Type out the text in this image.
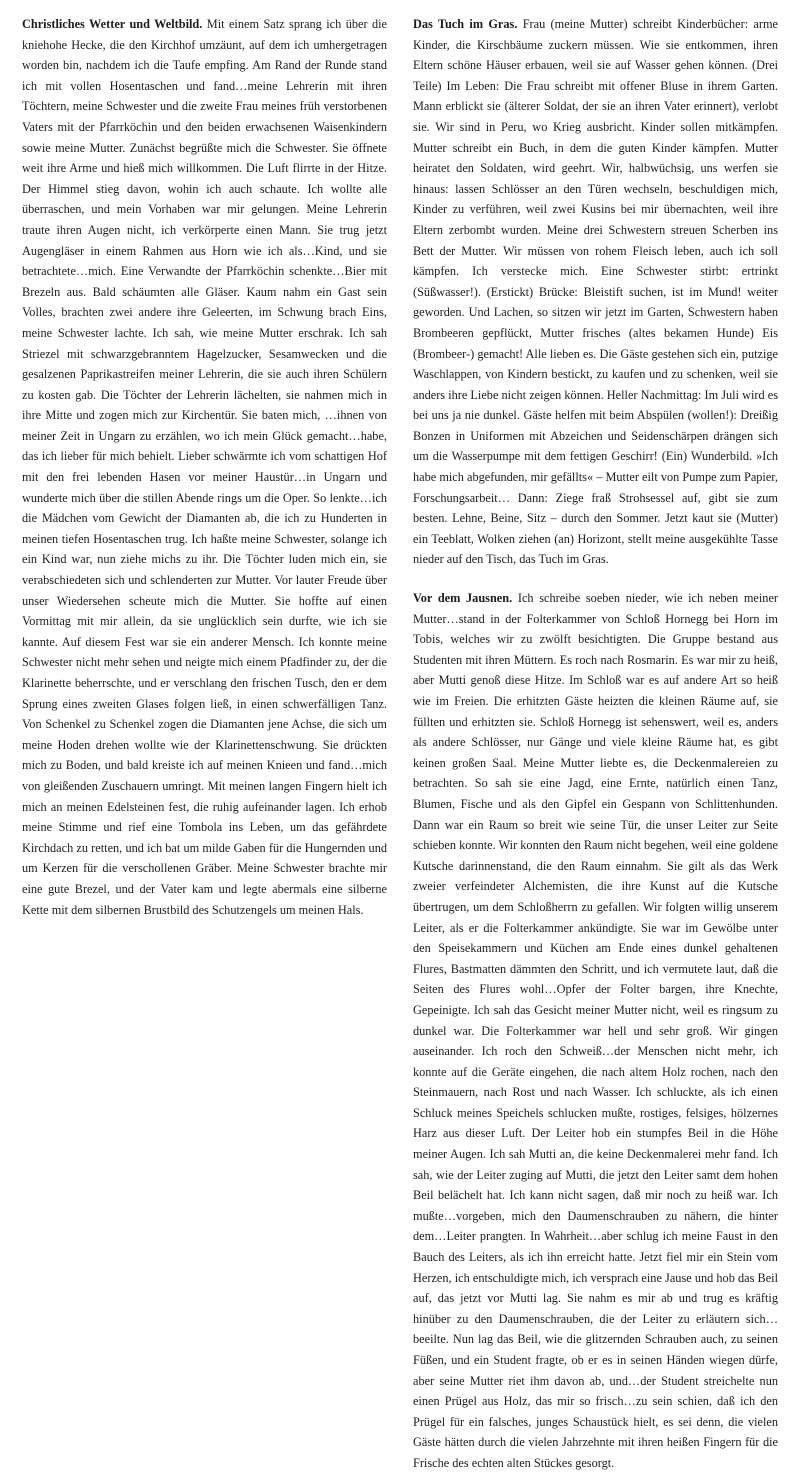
Christliches Wetter und Weltbild. Mit einem Satz sprang ich über die kniehohe Hecke, die den Kirchhof umzäunt, auf dem ich umhergetragen worden bin, nachdem ich die Taufe empfing. Am Rand der Runde stand ich mit vollen Hosentaschen und fand…meine Lehrerin mit ihren Töchtern, meine Schwester und die zweite Frau meines früh verstorbenen Vaters mit der Pfarrköchin und den beiden erwachsenen Waisenkindern sowie meine Mutter. Zunächst begrüßte mich die Schwester. Sie öffnete weit ihre Arme und hieß mich willkommen. Die Luft flirrte in der Hitze. Der Himmel stieg davon, wohin ich auch schaute. Ich wollte alle überraschen, und mein Vorhaben war mir gelungen. Meine Lehrerin traute ihren Augen nicht, ich verkörperte einen Mann. Sie trug jetzt Augengläser in einem Rahmen aus Horn wie ich als…Kind, und sie betrachtete…mich. Eine Verwandte der Pfarrköchin schenkte…Bier mit Brezeln aus. Bald schäumten alle Gläser. Kaum nahm ein Gast sein Volles, brachten zwei andere ihre Geleerten, im Schwung brach Eins, meine Schwester lachte. Ich sah, wie meine Mutter erschrak. Ich sah Striezel mit schwarzgebranntem Hagelzucker, Sesamwecken und die gesalzenen Paprikastreifen meiner Lehrerin, die sie auch ihren Schülern zu kosten gab. Die Töchter der Lehrerin lächelten, sie nahmen mich in ihre Mitte und zogen mich zur Kirchentür. Sie baten mich, …ihnen von meiner Zeit in Ungarn zu erzählen, wo ich mein Glück gemacht…habe, das ich lieber für mich behielt. Lieber schwärmte ich vom schattigen Hof mit den frei lebenden Hasen vor meiner Haustür…in Ungarn und wunderte mich über die stillen Abende rings um die Oper. So lenkte…ich die Mädchen vom Gewicht der Diamanten ab, die ich zu Hunderten in meinen tiefen Hosentaschen trug. Ich haßte meine Schwester, solange ich ein Kind war, nun ziehe michs zu ihr. Die Töchter luden mich ein, sie verabschiedeten sich und schlenderten zur Mutter. Vor lauter Freude über unser Wiedersehen scheute mich die Mutter. Sie hoffte auf einen Vormittag mit mir allein, da sie unglücklich sein durfte, wie ich sie kannte. Auf diesem Fest war sie ein anderer Mensch. Ich konnte meine Schwester nicht mehr sehen und neigte mich einem Pfadfinder zu, der die Klarinette beherrschte, und er verschlang den frischen Tusch, den er dem Sprung eines zweiten Glases folgen ließ, in einen schwerfälligen Tanz. Von Schenkel zu Schenkel zogen die Diamanten jene Achse, die sich um meine Hoden drehen wollte wie der Klarinettenschwung. Sie drückten mich zu Boden, und bald kreiste ich auf meinen Knieen und fand…mich von gleißenden Zuschauern umringt. Mit meinen langen Fingern hielt ich mich an meinen Edelsteinen fest, die ruhig aufeinander lagen. Ich erhob meine Stimme und rief eine Tombola ins Leben, um das gefährdete Kirchdach zu retten, und ich bat um milde Gaben für die Hungernden und um Kerzen für die verschollenen Gräber. Meine Schwester brachte mir eine gute Brezel, und der Vater kam und legte abermals eine silberne Kette mit dem silbernen Brustbild des Schutzengels um meinen Hals.

Das Tuch im Gras. Frau (meine Mutter) schreibt Kinderbücher: arme Kinder, die Kirschbäume zuckern müssen. Wie sie entkommen, ihren Eltern schöne Häuser erbauen, weil sie auf Wasser gehen können. (Drei Teile) Im Leben: Die Frau schreibt mit offener Bluse in ihrem Garten. Mann erblickt sie (älterer Soldat, der sie an ihren Vater erinnert), verlobt sie. Wir sind in Peru, wo Krieg ausbricht. Kinder sollen mitkämpfen. Mutter schreibt ein Buch, in dem die guten Kinder kämpfen. Mutter heiratet den Soldaten, wird geehrt. Wir, halbwüchsig, uns werfen sie hinaus: lassen Schlösser an den Türen wechseln, beschuldigen mich, Kinder zu verführen, weil zwei Kusins bei mir übernachten, weil ihre Eltern zerbombt wurden. Meine drei Schwestern streuen Scherben ins Bett der Mutter. Wir müssen von rohem Fleisch leben, auch ich soll kämpfen. Ich verstecke mich. Eine Schwester stirbt: ertrinkt (Süßwasser!). (Erstickt) Brücke: Bleistift suchen, ist im Mund! weiter geworden. Und Lachen, so sitzen wir jetzt im Garten, Schwestern haben Brombeeren gepflückt, Mutter frisches (altes bekamen Hunde) Eis (Brombeer-) gemacht! Alle lieben es. Die Gäste gestehen sich ein, putzige Waschlappen, von Kindern bestickt, zu kaufen und zu schenken, weil sie anders ihre Liebe nicht zeigen können. Heller Nachmittag: Im Juli wird es bei uns ja nie dunkel. Gäste helfen mit beim Abspülen (wollen!): Dreißig Bonzen in Uniformen mit Abzeichen und Seidenschärpen drängen sich um die Wasserpumpe mit dem fettigen Geschirr! (Ein) Wunderbild. »Ich habe mich abgefunden, mir gefällts« – Mutter eilt von Pumpe zum Papier, Forschungsarbeit… Dann: Ziege fraß Strohsessel auf, gibt sie zum besten. Lehne, Beine, Sitz – durch den Sommer. Jetzt kaut sie (Mutter) ein Teeblatt, Wolken ziehen (an) Horizont, stellt meine ausgekühlte Tasse nieder auf den Tisch, das Tuch im Gras.

Vor dem Jausnen. Ich schreibe soeben nieder, wie ich neben meiner Mutter…stand in der Folterkammer von Schloß Hornegg bei Horn im Tobis, welches wir zu zwölft besichtigten. Die Gruppe bestand aus Studenten mit ihren Müttern. Es roch nach Rosmarin. Es war mir zu heiß, aber Mutti genoß diese Hitze. Im Schloß war es auf andere Art so heiß wie im Freien. Die erhitzten Gäste heizten die kleinen Räume auf, sie füllten und erhitzten sie. Schloß Hornegg ist sehenswert, weil es, anders als andere Schlösser, nur Gänge und viele kleine Räume hat, es gibt keinen großen Saal. Meine Mutter liebte es, die Deckenmalereien zu betrachten. So sah sie eine Jagd, eine Ernte, natürlich einen Tanz, Blumen, Fische und als den Gipfel ein Gespann von Schlittenhunden. Dann war ein Raum so breit wie seine Tür, die unser Leiter zur Seite schieben konnte. Wir konnten den Raum nicht begehen, weil eine goldene Kutsche darinnenstand, die den Raum einnahm. Sie gilt als das Werk zweier verfeindeter Alchemisten, die ihre Kunst auf die Kutsche übertrugen, um dem Schloßherrn zu gefallen. Wir folgten willig unserem Leiter, als er die Folterkammer ankündigte. Sie war im Gewölbe unter den Speisekammern und Küchen am Ende eines dunkel gehaltenen Flures, Bastmatten dämmten den Schritt, und ich vermutete laut, daß die Seiten des Flures wohl…Opfer der Folter bargen, ihre Knechte, Gepeinigte. Ich sah das Gesicht meiner Mutter nicht, weil es ringsum zu dunkel war. Die Folterkammer war hell und sehr groß. Wir gingen auseinander. Ich roch den Schweiß…der Menschen nicht mehr, ich konnte auf die Geräte eingehen, die nach altem Holz rochen, nach den Steinmauern, nach Rost und nach Wasser. Ich schluckte, als ich einen Schluck meines Speichels schlucken mußte, rostiges, felsiges, hölzernes Harz aus dieser Luft. Der Leiter hob ein stumpfes Beil in die Höhe meiner Augen. Ich sah Mutti an, die keine Deckenmalerei mehr fand. Ich sah, wie der Leiter zuging auf Mutti, die jetzt den Leiter samt dem hohen Beil belächelt hat. Ich kann nicht sagen, daß mir noch zu heiß war. Ich mußte…vorgeben, mich den Daumenschrauben zu nähern, die hinter dem…Leiter prangten. In Wahrheit…aber schlug ich meine Faust in den Bauch des Leiters, als ich ihn erreicht hatte. Jetzt fiel mir ein Stein vom Herzen, ich entschuldigte mich, ich versprach eine Jause und hob das Beil auf, das jetzt vor Mutti lag. Sie nahm es mir ab und trug es kräftig hinüber zu den Daumenschrauben, die der Leiter zu erläutern sich…beeilte. Nun lag das Beil, wie die glitzernden Schrauben auch, zu seinen Füßen, und ein Student fragte, ob er es in seinen Händen wiegen dürfe, aber seine Mutter riet ihm davon ab, und…der Student streichelte nun einen Prügel aus Holz, das mir so frisch…zu sein schien, daß ich den Prügel für ein falsches, junges Schaustück hielt, es sei denn, die vielen Gäste hätten durch die vielen Jahrzehnte mit ihren heißen Fingern für die Frische des echten alten Stückes gesorgt.
